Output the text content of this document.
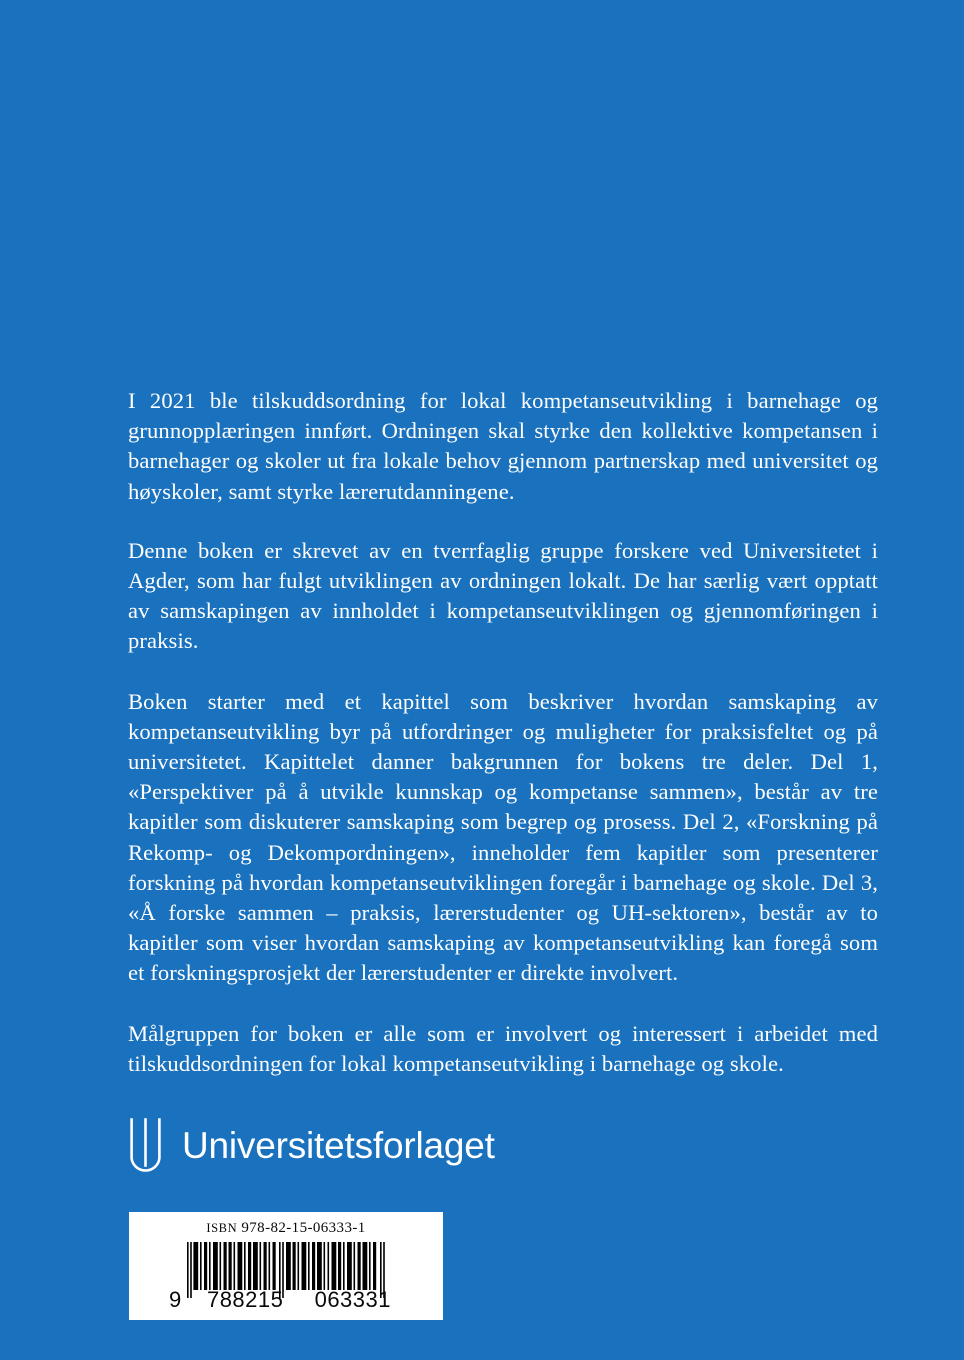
I 2021 ble tilskuddsordning for lokal kompetanseutvikling i barnehage og grunnopplæringen innført. Ordningen skal styrke den kollektive kompetansen i barnehager og skoler ut fra lokale behov gjennom partnerskap med universitet og høyskoler, samt styrke lærerutdanningene.

Denne boken er skrevet av en tverrfaglig gruppe forskere ved Universitetet i Agder, som har fulgt utviklingen av ordningen lokalt. De har særlig vært opptatt av samskapingen av innholdet i kompetanseutviklingen og gjennomføringen i praksis.

Boken starter med et kapittel som beskriver hvordan samskaping av kompetanseutvikling byr på utfordringer og muligheter for praksisfeltet og på universitetet. Kapittelet danner bakgrunnen for bokens tre deler. Del 1, «Perspektiver på å utvikle kunnskap og kompetanse sammen», består av tre kapitler som diskuterer samskaping som begrep og prosess. Del 2, «Forskning på Rekomp- og Dekompordningen», inneholder fem kapitler som presenterer forskning på hvordan kompetanseutviklingen foregår i barnehage og skole. Del 3, «Å forske sammen – praksis, lærerstudenter og UH-sektoren», består av to kapitler som viser hvordan samskaping av kompetanseutvikling kan foregå som et forskningsprosjekt der lærerstudenter er direkte involvert.

Målgruppen for boken er alle som er involvert og interessert i arbeidet med tilskuddsordningen for lokal kompetanseutvikling i barnehage og skole.

Universitetsforlaget
ISBN 978-82-15-06333-1
9 788215 063331
